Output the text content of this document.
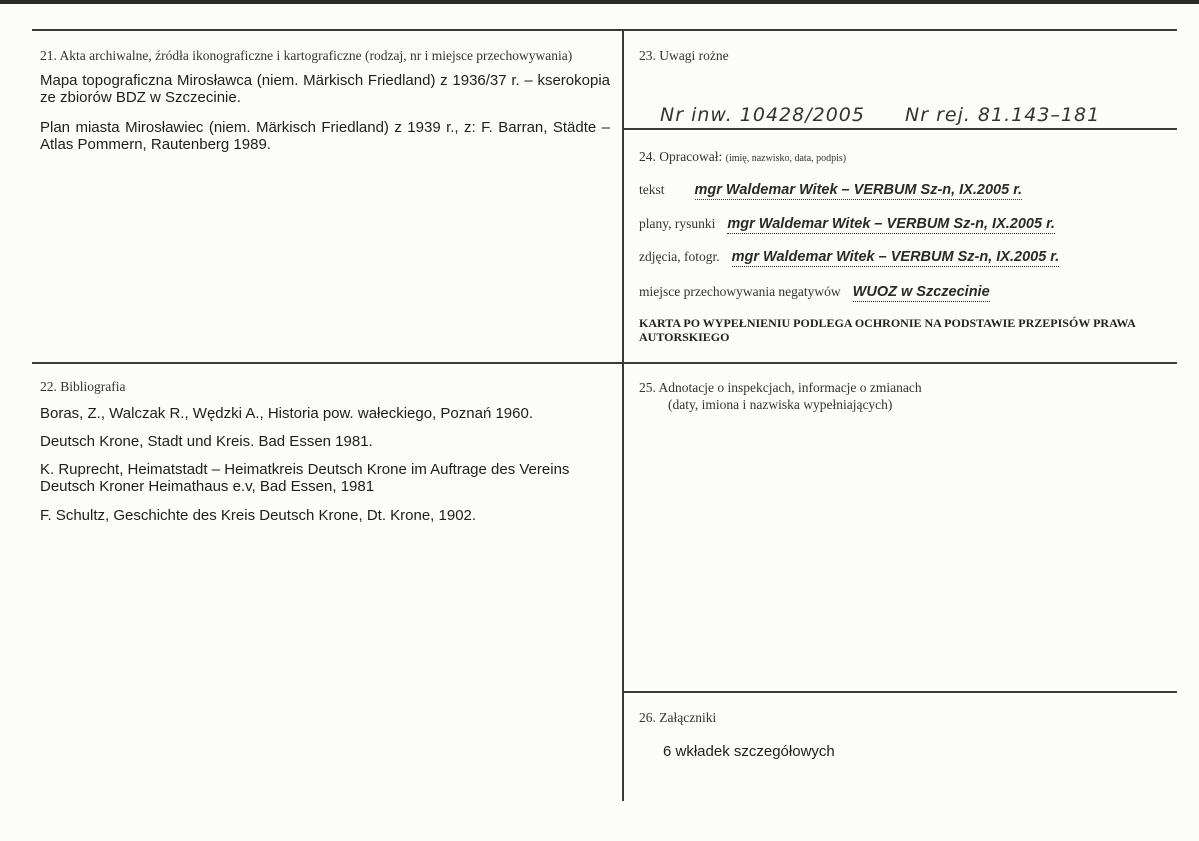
21. Akta archiwalne, źródła ikonograficzne i kartograficzne (rodzaj, nr i miejsce przechowywania)
Mapa topograficzna Mirosławca (niem. Märkisch Friedland) z 1936/37 r. – kserokopia ze zbiorów BDZ w Szczecinie.
Plan miasta Mirosławiec (niem. Märkisch Friedland) z 1939 r., z: F. Barran, Städte – Atlas Pommern, Rautenberg 1989.
23. Uwagi rożne
Nr inw. 10428/2005 Nr rej. 81.143–181
24. Opracował: (imię, nazwisko, data, podpis)
tekst mgr Waldemar Witek – VERBUM Sz-n, IX.2005 r.
plany, rysunki mgr Waldemar Witek – VERBUM Sz-n, IX.2005 r.
zdjęcia, fotogr. mgr Waldemar Witek – VERBUM Sz-n, IX.2005 r.
miejsce przechowywania negatywów WUOZ w Szczecinie
KARTA PO WYPEŁNIENIU PODLEGA OCHRONIE NA PODSTAWIE PRZEPISÓW PRAWA AUTORSKIEGO
22. Bibliografia
Boras, Z., Walczak R., Wędzki A., Historia pow. wałeckiego, Poznań 1960.
Deutsch Krone, Stadt und Kreis. Bad Essen 1981.
K. Ruprecht, Heimatstadt – Heimatkreis Deutsch Krone im Auftrage des Vereins Deutsch Kroner Heimathaus e.v, Bad Essen, 1981
F. Schultz, Geschichte des Kreis Deutsch Krone, Dt. Krone, 1902.
25. Adnotacje o inspekcjach, informacje o zmianach
(daty, imiona i nazwiska wypełniających)
26. Załączniki
6 wkładek szczegółowych
